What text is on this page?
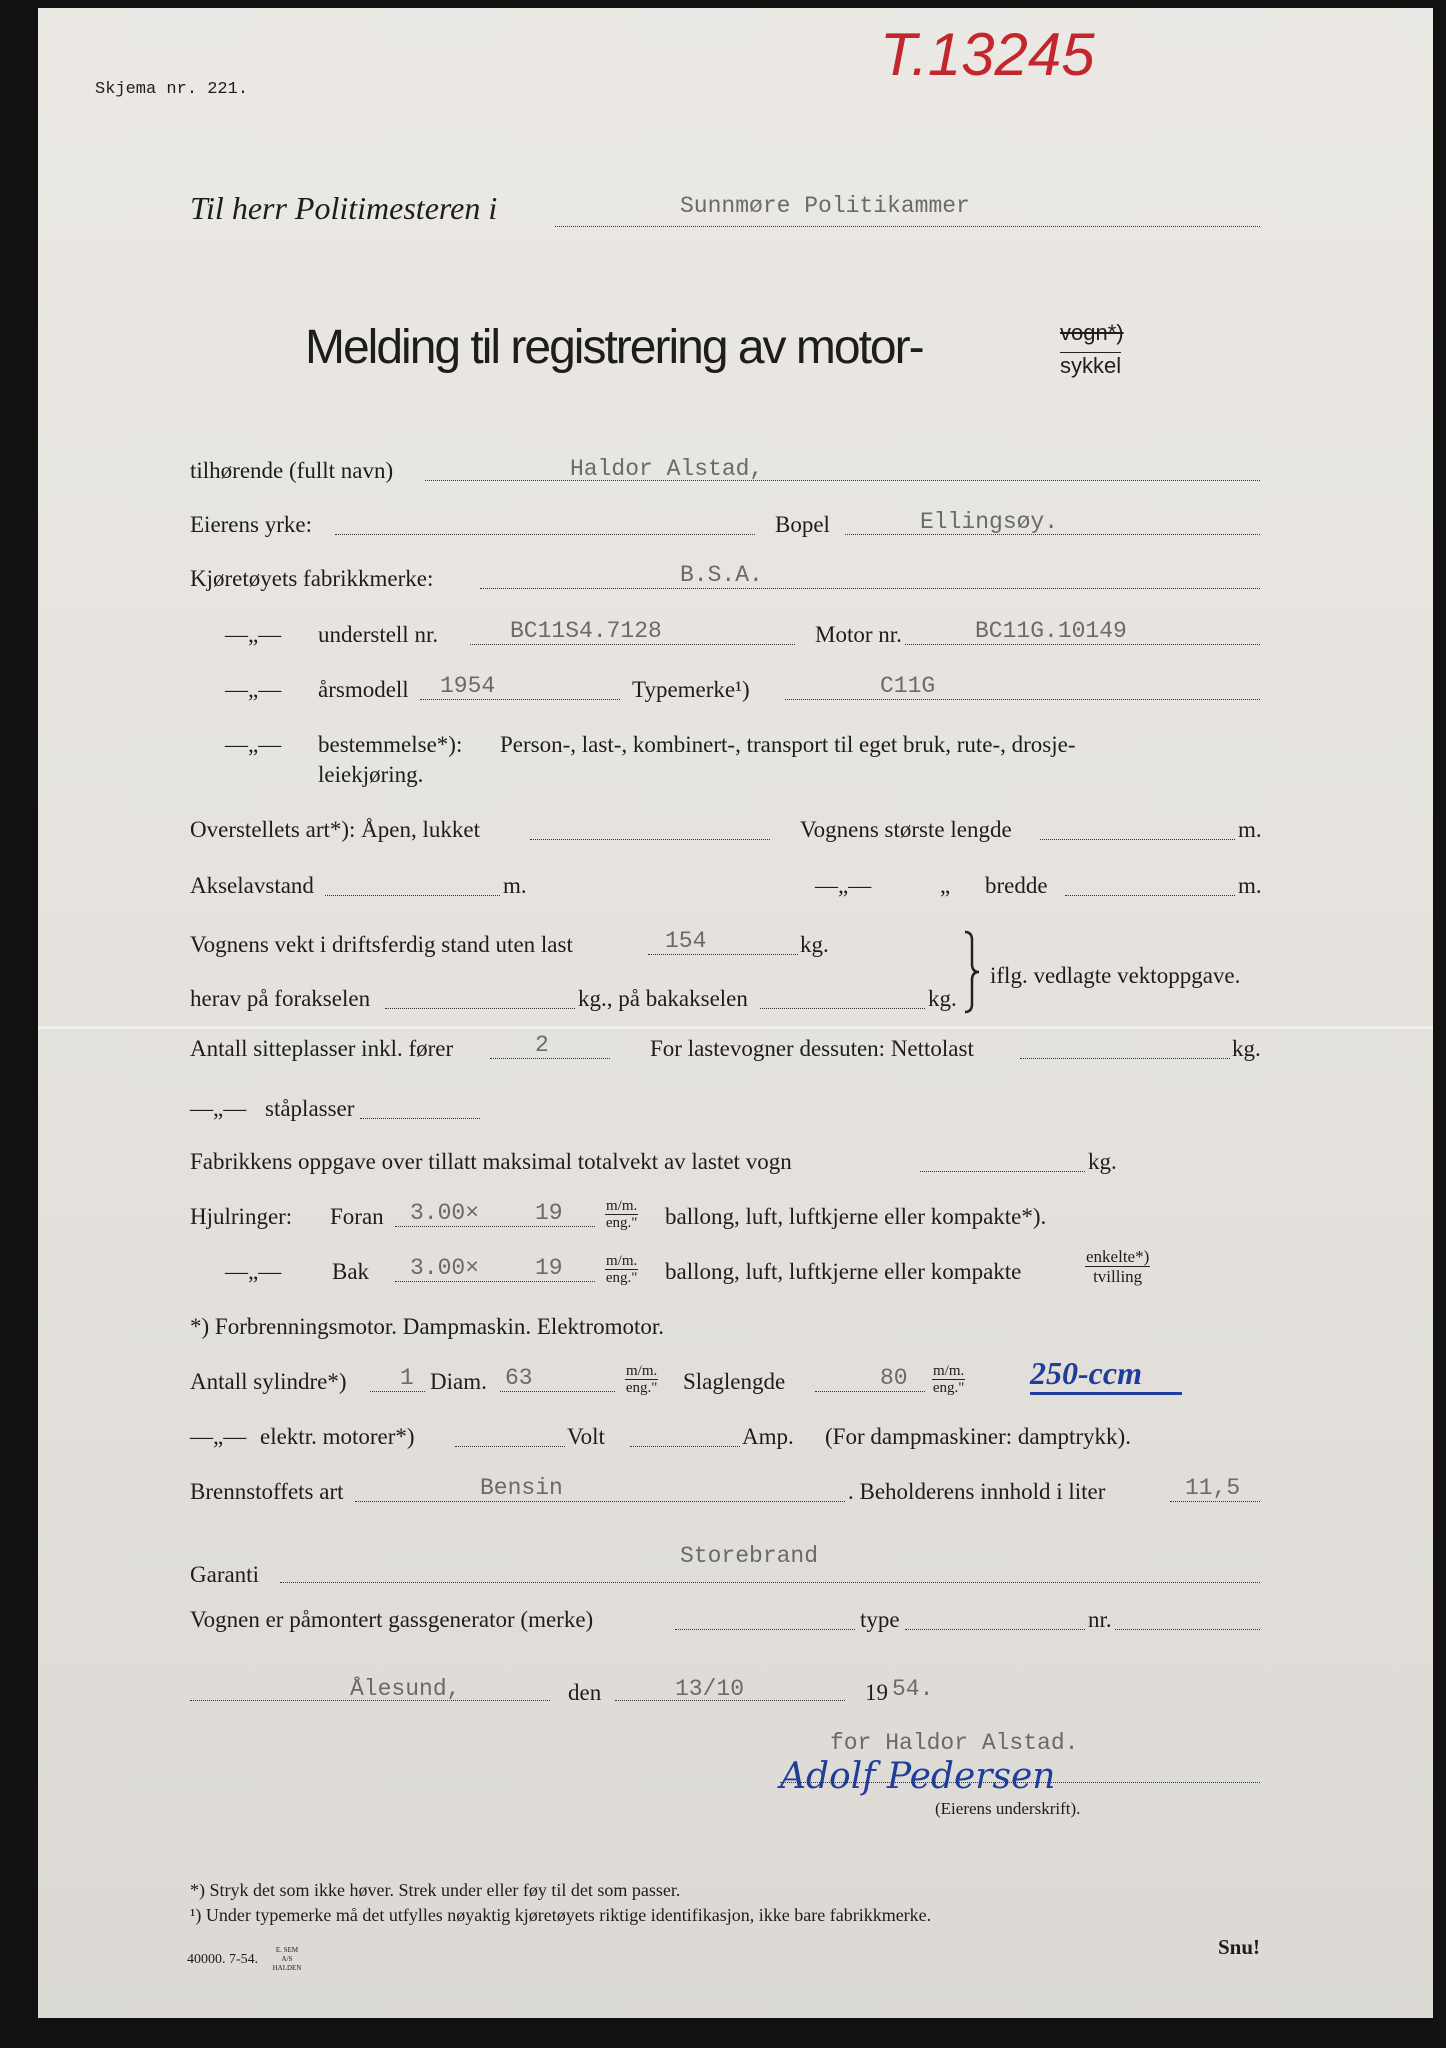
Skjema nr. 221.
T.13245
Til herr Politimesteren i	Sunnmøre Politikammer
Melding til registrering av motor-	vogn*)
sykkel
tilhørende (fullt navn)	Haldor Alstad,
Eierens yrke:	Bopel	Ellingsøy.
Kjøretøyets fabrikkmerke:	B.S.A.
—„— understell nr.	BC11S4.7128	Motor nr.	BC11G.10149
—„— årsmodell 1954	Typemerke¹)	C11G
—„— bestemmelse*): Person-, last-, kombinert-, transport til eget bruk, rute-, drosje-
leiekjøring.
Overstellets art*): Åpen, lukket	Vognens største lengde	m.
Akselavstand	m.	—„—	„ bredde	m.
Vognens vekt i driftsferdig stand uten last	154	kg.
herav på forakselen	kg., på bakakselen	kg.
iflg. vedlagte vektoppgave.
Antall sitteplasser inkl. fører	2	For lastevogner dessuten: Nettolast	kg.
—„— ståplasser
Fabrikkens oppgave over tillatt maksimal totalvekt av lastet vogn	kg.
Hjulringer: Foran 3.00× 19	$\frac{m/m.}{\text{eng."}}$ ballong, luft, luftkjerne eller kompakte*).
—„— Bak 3.00× 19	$\frac{m/m.}{\text{eng."}}$ ballong, luft, luftkjerne eller kompakte	$\frac{\text{enkelte*)}}{\text{tvilling}}$
*) Forbrenningsmotor. Dampmaskin. Elektromotor.
Antall sylindre*) 1 Diam. 63	$\frac{m/m.}{\text{eng."}}$ Slaglengde	$80 \frac{m/m.}{\text{eng."}} 250-ccm$
—„— elektr. motorer*)	Volt	Amp. (For dampmaskiner: damptrykk).
Brennstoffets art	Bensin	. Beholderens innhold i liter	11,5
Garanti
Storebrand
Vognen er påmontert gassgenerator (merke)	type	nr.
Ålesund,	den	13/10	19 54.
for Haldor Alstad.
Adolf Pedersen
(Eierens underskrift).
*) Stryk det som ikke høver. Strek under eller føy til det som passer.
¹) Under typemerke må det utfylles nøyaktig kjøretøyets riktige identifikasjon, ikke bare fabrikkmerke.
40000. 7-54.
E. SEM A/S HALDEN
Snu!
